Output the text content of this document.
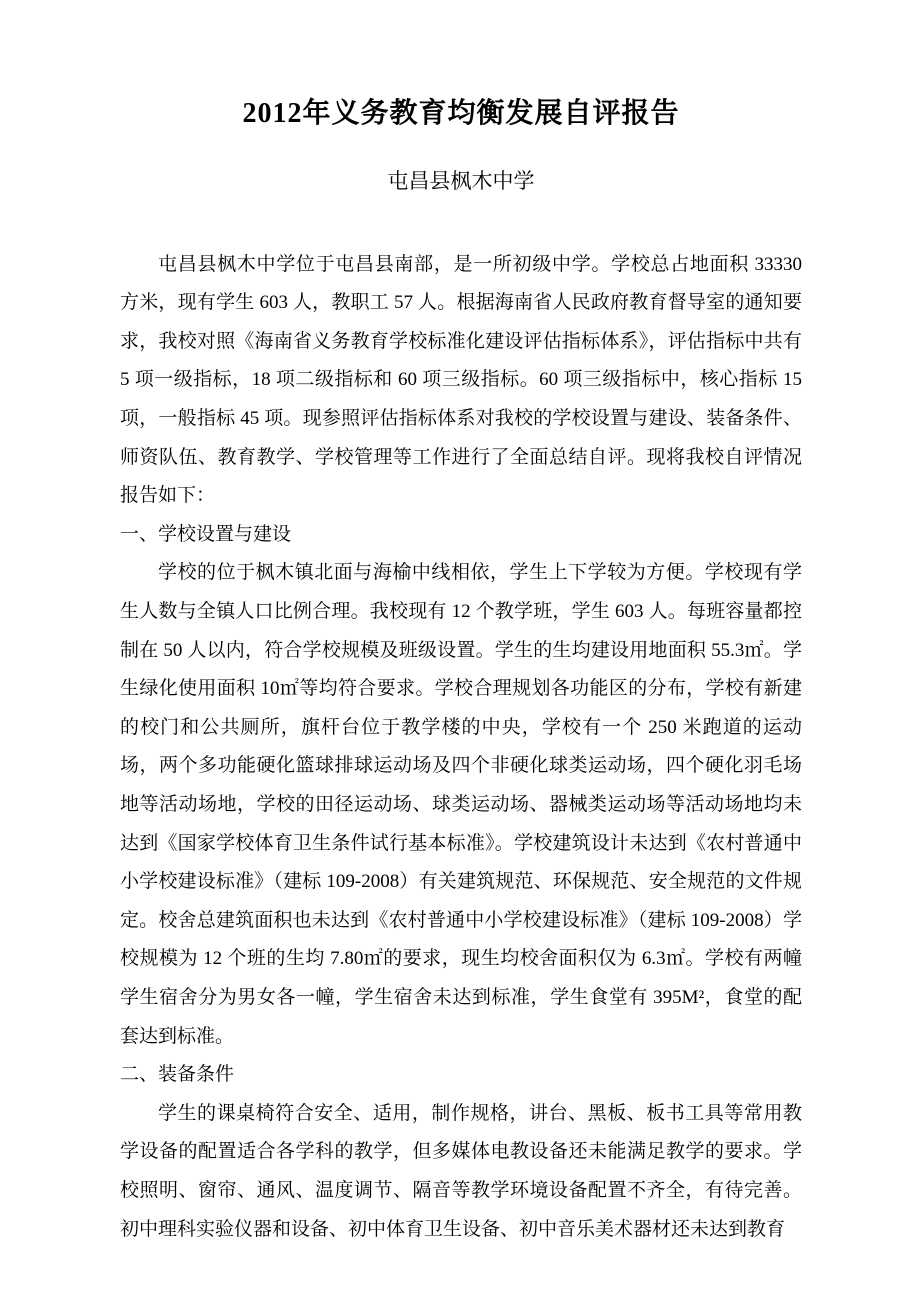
2012年义务教育均衡发展自评报告
屯昌县枫木中学

屯昌县枫木中学位于屯昌县南部，是一所初级中学。学校总占地面积 33330 方米，现有学生 603 人，教职工 57 人。根据海南省人民政府教育督导室的通知要求，我校对照《海南省义务教育学校标准化建设评估指标体系》，评估指标中共有 5 项一级指标，18 项二级指标和 60 项三级指标。60 项三级指标中，核心指标 15 项，一般指标 45 项。现参照评估指标体系对我校的学校设置与建设、装备条件、师资队伍、教育教学、学校管理等工作进行了全面总结自评。现将我校自评情况报告如下：

一、学校设置与建设

学校的位于枫木镇北面与海榆中线相依，学生上下学较为方便。学校现有学生人数与全镇人口比例合理。我校现有 12 个教学班，学生 603 人。每班容量都控制在 50 人以内，符合学校规模及班级设置。学生的生均建设用地面积 55.3㎡。学生绿化使用面积 10㎡等均符合要求。学校合理规划各功能区的分布，学校有新建的校门和公共厕所，旗杆台位于教学楼的中央，学校有一个 250 米跑道的运动场，两个多功能硬化篮球排球运动场及四个非硬化球类运动场，四个硬化羽毛场地等活动场地，学校的田径运动场、球类运动场、器械类运动场等活动场地均未达到《国家学校体育卫生条件试行基本标准》。学校建筑设计未达到《农村普通中小学校建设标准》（建标 109-2008）有关建筑规范、环保规范、安全规范的文件规定。校舍总建筑面积也未达到《农村普通中小学校建设标准》（建标 109-2008）学校规模为 12 个班的生均 7.80㎡的要求，现生均校舍面积仅为 6.3㎡。学校有两幢学生宿舍分为男女各一幢，学生宿舍未达到标准，学生食堂有 395M²，食堂的配套达到标准。

二、装备条件

学生的课桌椅符合安全、适用，制作规格，讲台、黑板、板书工具等常用教学设备的配置适合各学科的教学，但多媒体电教设备还未能满足教学的要求。学校照明、窗帘、通风、温度调节、隔音等教学环境设备配置不齐全，有待完善。初中理科实验仪器和设备、初中体育卫生设备、初中音乐美术器材还未达到教育
